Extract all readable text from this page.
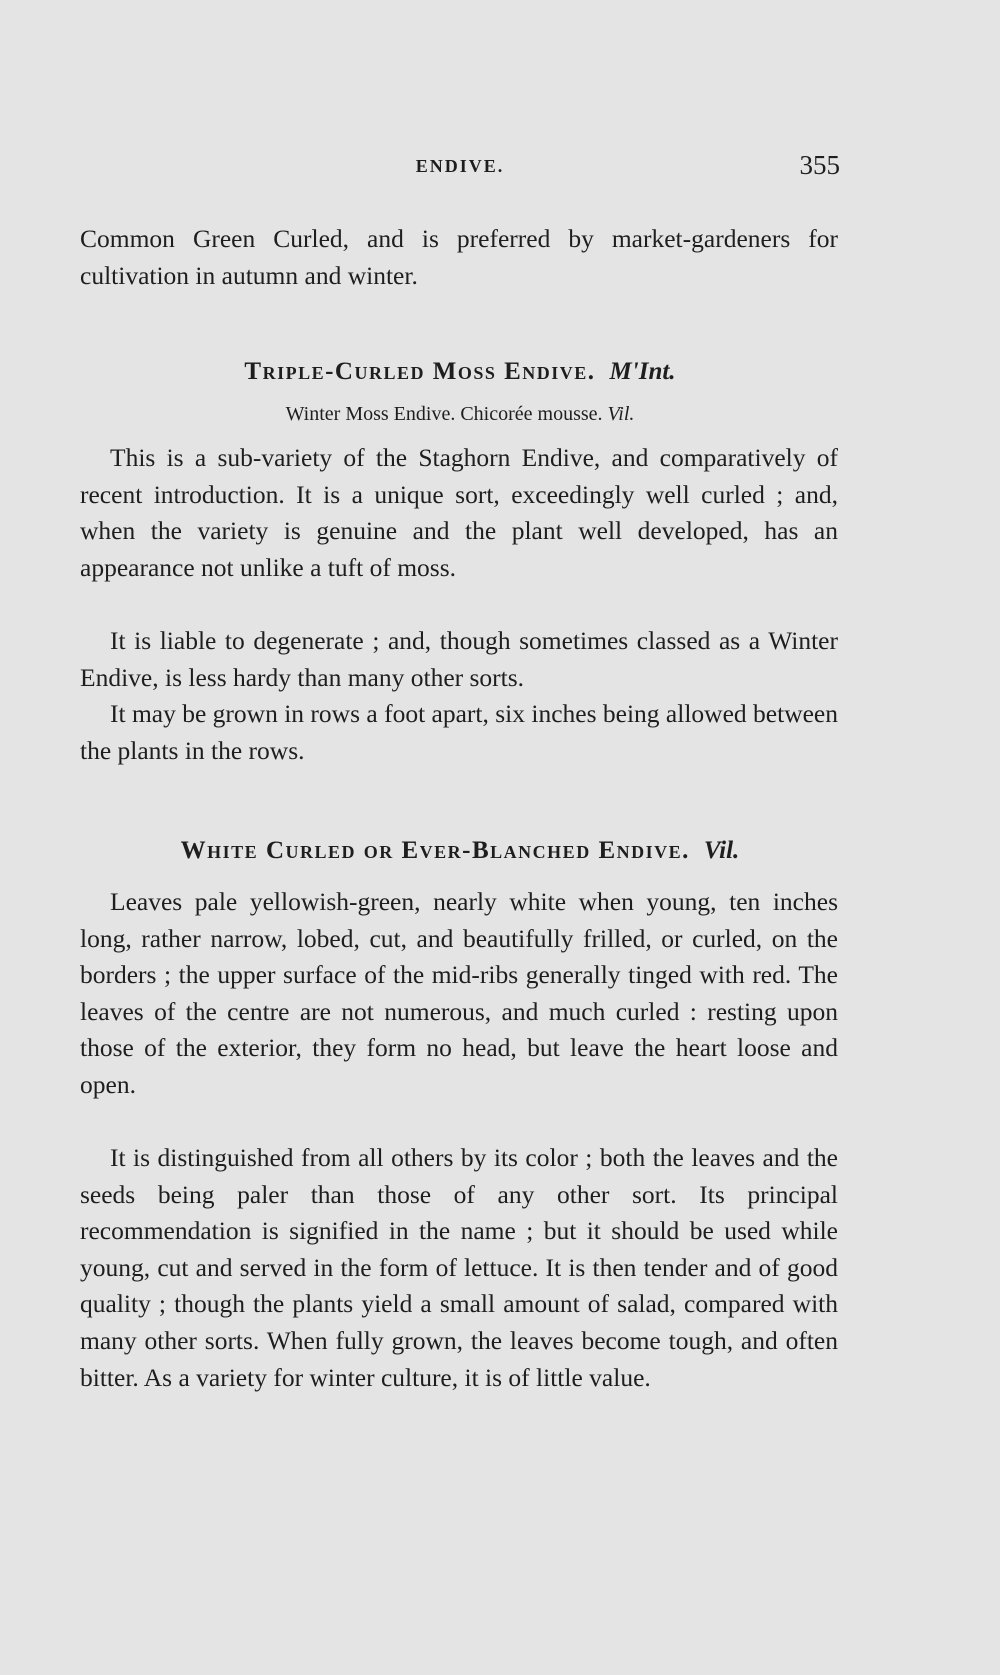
ENDIVE.	355

Common Green Curled, and is preferred by market-gardeners for cultivation in autumn and winter.

Triple-Curled Moss Endive. M'Int.

Winter Moss Endive. Chicorée mousse. Vil.

This is a sub-variety of the Staghorn Endive, and comparatively of recent introduction. It is a unique sort, exceedingly well curled ; and, when the variety is genuine and the plant well developed, has an appearance not unlike a tuft of moss.

It is liable to degenerate ; and, though sometimes classed as a Winter Endive, is less hardy than many other sorts.

It may be grown in rows a foot apart, six inches being allowed between the plants in the rows.

White Curled or Ever-Blanched Endive. Vil.

Leaves pale yellowish-green, nearly white when young, ten inches long, rather narrow, lobed, cut, and beautifully frilled, or curled, on the borders ; the upper surface of the mid-ribs generally tinged with red. The leaves of the centre are not numerous, and much curled : resting upon those of the exterior, they form no head, but leave the heart loose and open.

It is distinguished from all others by its color ; both the leaves and the seeds being paler than those of any other sort. Its principal recommendation is signified in the name ; but it should be used while young, cut and served in the form of lettuce. It is then tender and of good quality ; though the plants yield a small amount of salad, compared with many other sorts. When fully grown, the leaves become tough, and often bitter. As a variety for winter culture, it is of little value.
